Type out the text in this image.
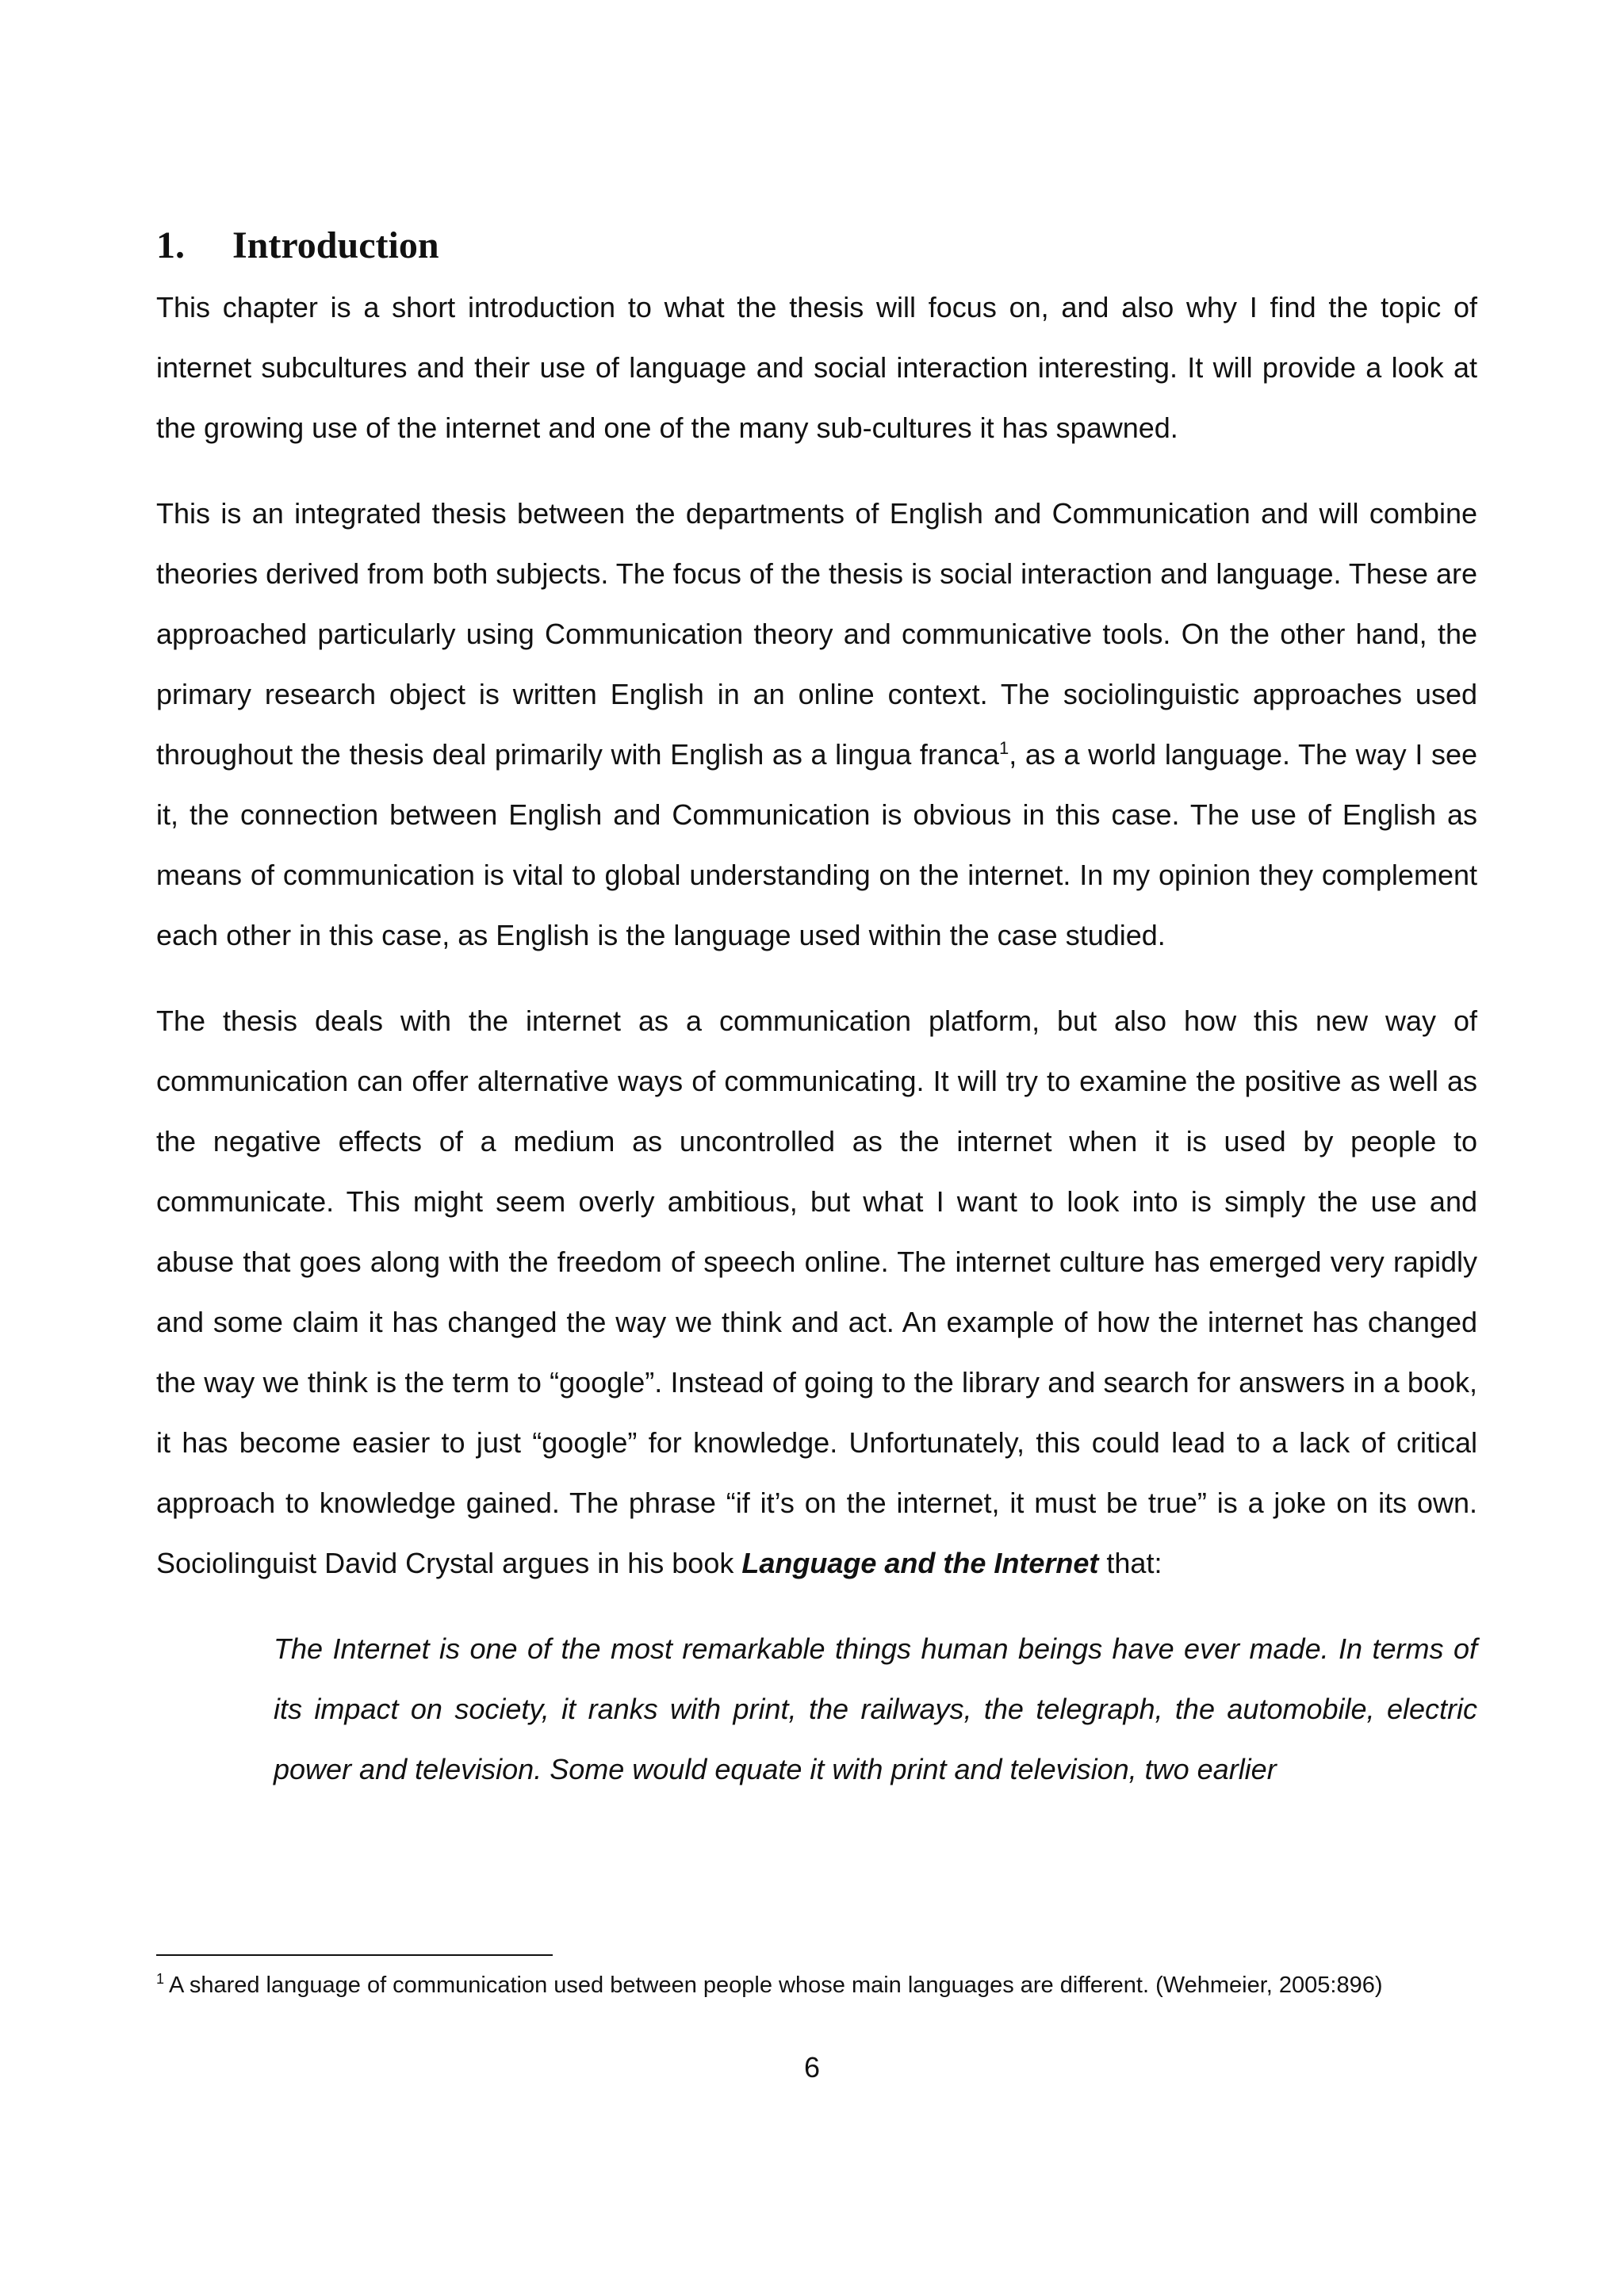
1.	Introduction

This chapter is a short introduction to what the thesis will focus on, and also why I find the topic of internet subcultures and their use of language and social interaction interesting. It will provide a look at the growing use of the internet and one of the many sub-cultures it has spawned.

This is an integrated thesis between the departments of English and Communication and will combine theories derived from both subjects. The focus of the thesis is social interaction and language. These are approached particularly using Communication theory and communicative tools. On the other hand, the primary research object is written English in an online context. The sociolinguistic approaches used throughout the thesis deal primarily with English as a lingua franca$^1$, as a world language. The way I see it, the connection between English and Communication is obvious in this case. The use of English as means of communication is vital to global understanding on the internet. In my opinion they complement each other in this case, as English is the language used within the case studied.

The thesis deals with the internet as a communication platform, but also how this new way of communication can offer alternative ways of communicating. It will try to examine the positive as well as the negative effects of a medium as uncontrolled as the internet when it is used by people to communicate. This might seem overly ambitious, but what I want to look into is simply the use and abuse that goes along with the freedom of speech online. The internet culture has emerged very rapidly and some claim it has changed the way we think and act. An example of how the internet has changed the way we think is the term to “google”. Instead of going to the library and search for answers in a book, it has become easier to just “google” for knowledge. Unfortunately, this could lead to a lack of critical approach to knowledge gained. The phrase “if it’s on the internet, it must be true” is a joke on its own. Sociolinguist David Crystal argues in his book Language and the Internet that:

The Internet is one of the most remarkable things human beings have ever made. In terms of its impact on society, it ranks with print, the railways, the telegraph, the automobile, electric power and television. Some would equate it with print and television, two earlier

$^1$ A shared language of communication used between people whose main languages are different. (Wehmeier, 2005:896)
6
